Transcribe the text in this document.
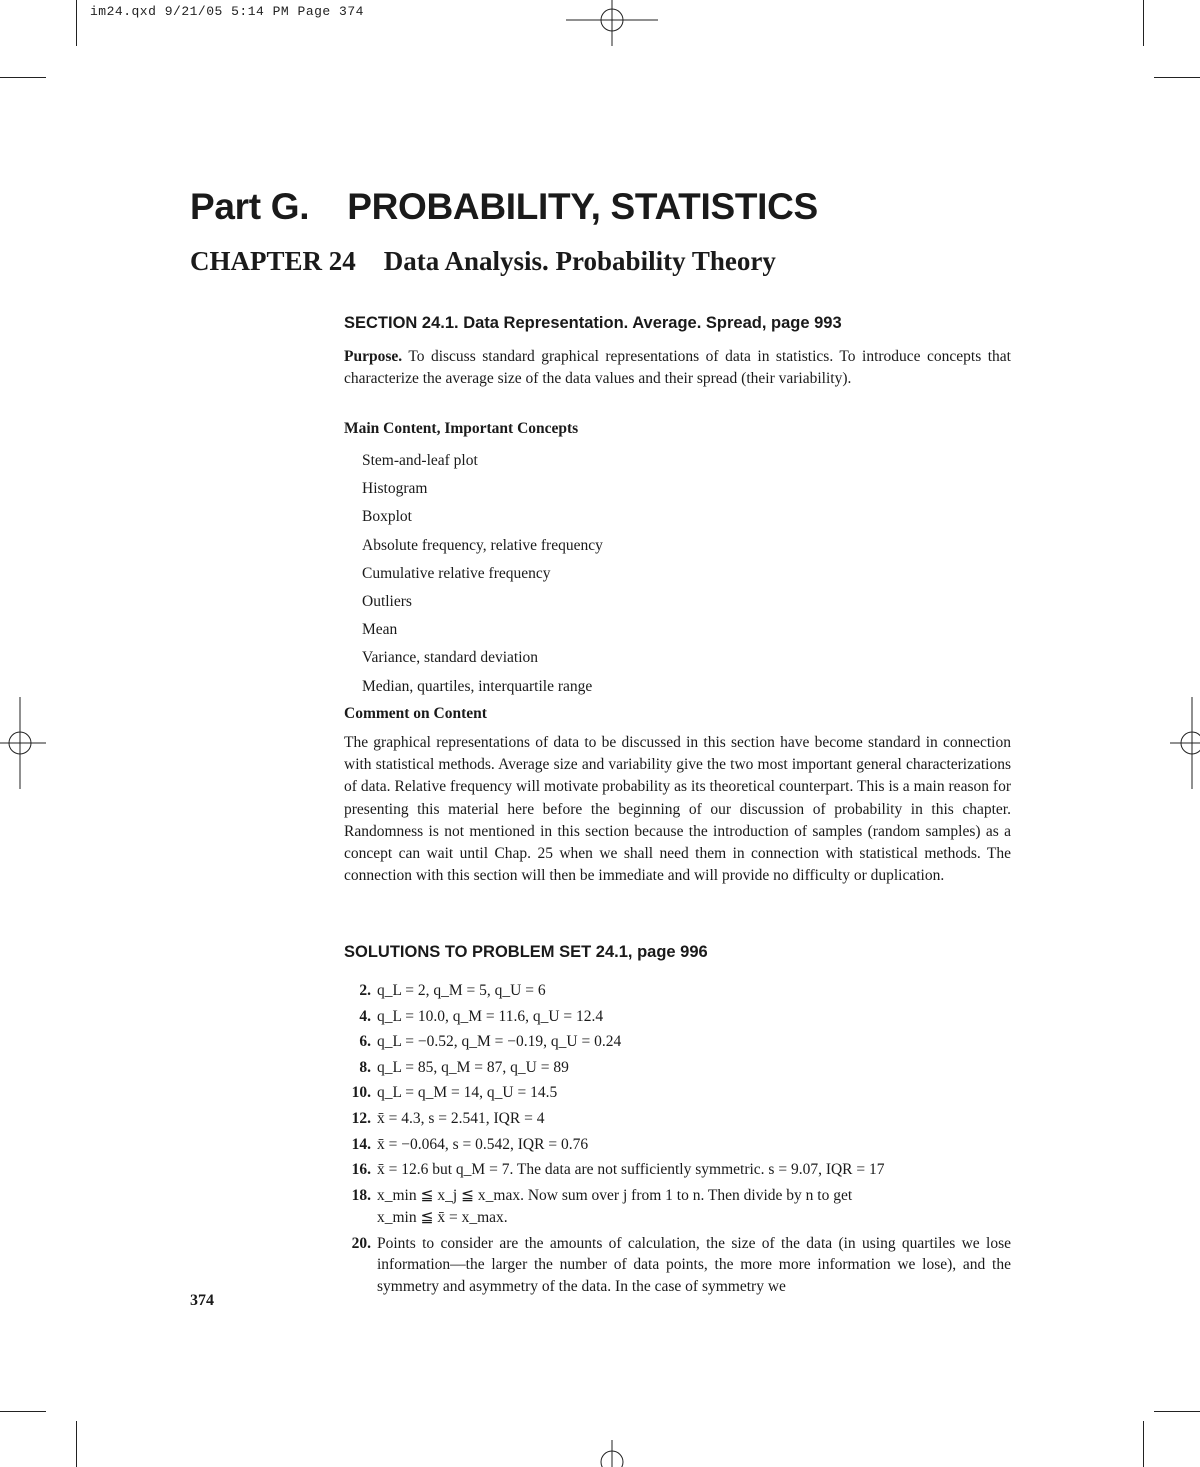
im24.qxd 9/21/05 5:14 PM Page 374
Part G. PROBABILITY, STATISTICS
CHAPTER 24 Data Analysis. Probability Theory
SECTION 24.1. Data Representation. Average. Spread, page 993

Purpose. To discuss standard graphical representations of data in statistics. To introduce concepts that characterize the average size of the data values and their spread (their variability).

Main Content, Important Concepts
Stem-and-leaf plot
Histogram
Boxplot
Absolute frequency, relative frequency
Cumulative relative frequency
Outliers
Mean
Variance, standard deviation
Median, quartiles, interquartile range
Comment on Content

The graphical representations of data to be discussed in this section have become standard in connection with statistical methods. Average size and variability give the two most important general characterizations of data. Relative frequency will motivate probability as its theoretical counterpart. This is a main reason for presenting this material here before the beginning of our discussion of probability in this chapter. Randomness is not mentioned in this section because the introduction of samples (random samples) as a concept can wait until Chap. 25 when we shall need them in connection with statistical methods. The connection with this section will then be immediate and will provide no difficulty or duplication.

SOLUTIONS TO PROBLEM SET 24.1, page 996
2. q_L = 2, q_M = 5, q_U = 6
4. q_L = 10.0, q_M = 11.6, q_U = 12.4
6. q_L = −0.52, q_M = −0.19, q_U = 0.24
8. q_L = 85, q_M = 87, q_U = 89
10. q_L = q_M = 14, q_U = 14.5
12. x̄ = 4.3, s = 2.541, IQR = 4
14. x̄ = −0.064, s = 0.542, IQR = 0.76
16. x̄ = 12.6 but q_M = 7. The data are not sufficiently symmetric. s = 9.07, IQR = 17
18. x_min ≦ x_j ≦ x_max. Now sum over j from 1 to n. Then divide by n to get
x_min ≦ x̄ = x_max.
20. Points to consider are the amounts of calculation, the size of the data (in using quartiles we lose information—the larger the number of data points, the more more information we lose), and the symmetry and asymmetry of the data. In the case of symmetry we

374
